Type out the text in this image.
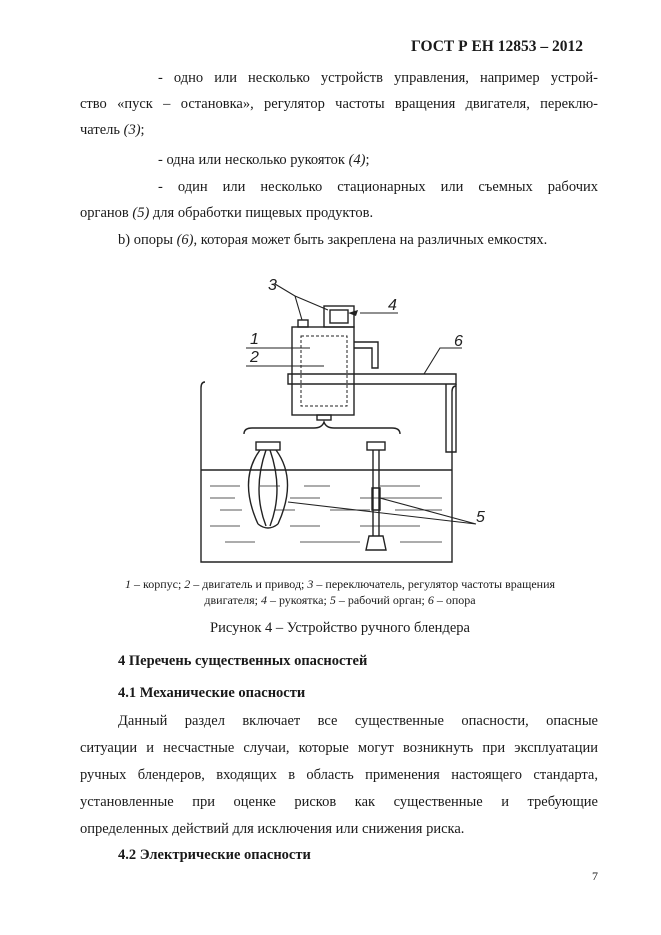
ГОСТ Р ЕН 12853 – 2012
- одно или несколько устройств управления, например устрой-
ство «пуск – остановка», регулятор частоты вращения двигателя, переклю-
чатель (3);
- одна или несколько рукояток (4);
- один или несколько стационарных или съемных рабочих
органов (5) для обработки пищевых продуктов.
b) опоры (6), которая может быть закреплена на различных емкостях.
3
4
1
2
6
5
1 – корпус; 2 – двигатель и привод; 3 – переключатель, регулятор частоты вращения
двигателя; 4 – рукоятка; 5 – рабочий орган; 6 – опора
Рисунок 4 – Устройство ручного блендера
4 Перечень существенных опасностей
4.1 Механические опасности
Данный раздел включает все существенные опасности, опасные
ситуации и несчастные случаи, которые могут возникнуть при эксплуатации
ручных блендеров, входящих в область применения настоящего стандарта,
установленные при оценке рисков как существенные и требующие
определенных действий для исключения или снижения риска.
4.2 Электрические опасности
7
